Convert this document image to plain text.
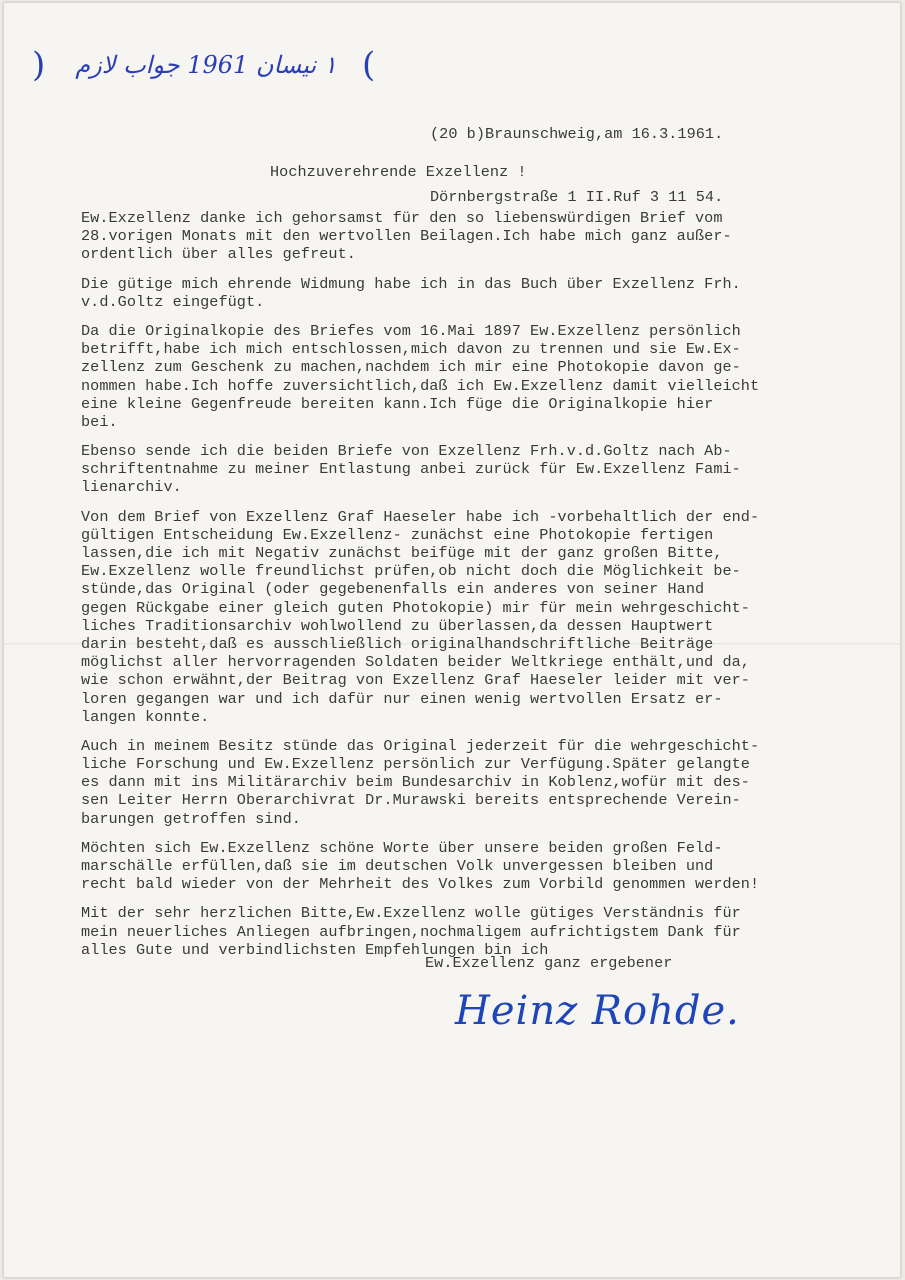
(	١ نيسان 1961 جواب لازم )

(20 b)Braunschweig,am 16.3.1961.

Dörnbergstraße 1 II.Ruf 3 11 54.

Hochzuverehrende Exzellenz !
Ew.Exzellenz danke ich gehorsamst für den so liebenswürdigen Brief vom
28.vorigen Monats mit den wertvollen Beilagen.Ich habe mich ganz außer-
ordentlich über alles gefreut.
Die gütige mich ehrende Widmung habe ich in das Buch über Exzellenz Frh.
v.d.Goltz eingefügt.
Da die Originalkopie des Briefes vom 16.Mai 1897 Ew.Exzellenz persönlich
betrifft,habe ich mich entschlossen,mich davon zu trennen und sie Ew.Ex-
zellenz zum Geschenk zu machen,nachdem ich mir eine Photokopie davon ge-
nommen habe.Ich hoffe zuversichtlich,daß ich Ew.Exzellenz damit vielleicht
eine kleine Gegenfreude bereiten kann.Ich füge die Originalkopie hier
bei.
Ebenso sende ich die beiden Briefe von Exzellenz Frh.v.d.Goltz nach Ab-
schriftentnahme zu meiner Entlastung anbei zurück für Ew.Exzellenz Fami-
lienarchiv.
Von dem Brief von Exzellenz Graf Haeseler habe ich -vorbehaltlich der end-
gültigen Entscheidung Ew.Exzellenz- zunächst eine Photokopie fertigen
lassen,die ich mit Negativ zunächst beifüge mit der ganz großen Bitte,
Ew.Exzellenz wolle freundlichst prüfen,ob nicht doch die Möglichkeit be-
stünde,das Original (oder gegebenenfalls ein anderes von seiner Hand
gegen Rückgabe einer gleich guten Photokopie) mir für mein wehrgeschicht-
liches Traditionsarchiv wohlwollend zu überlassen,da dessen Hauptwert
darin besteht,daß es ausschließlich originalhandschriftliche Beiträge
möglichst aller hervorragenden Soldaten beider Weltkriege enthält,und da,
wie schon erwähnt,der Beitrag von Exzellenz Graf Haeseler leider mit ver-
loren gegangen war und ich dafür nur einen wenig wertvollen Ersatz er-
langen konnte.
Auch in meinem Besitz stünde das Original jederzeit für die wehrgeschicht-
liche Forschung und Ew.Exzellenz persönlich zur Verfügung.Später gelangte
es dann mit ins Militärarchiv beim Bundesarchiv in Koblenz,wofür mit des-
sen Leiter Herrn Oberarchivrat Dr.Murawski bereits entsprechende Verein-
barungen getroffen sind.
Möchten sich Ew.Exzellenz schöne Worte über unsere beiden großen Feld-
marschälle erfüllen,daß sie im deutschen Volk unvergessen bleiben und
recht bald wieder von der Mehrheit des Volkes zum Vorbild genommen werden!
Mit der sehr herzlichen Bitte,Ew.Exzellenz wolle gütiges Verständnis für
mein neuerliches Anliegen aufbringen,nochmaligem aufrichtigstem Dank für
alles Gute und verbindlichsten Empfehlungen bin ich
Ew.Exzellenz ganz ergebener
Heinz Rohde.
